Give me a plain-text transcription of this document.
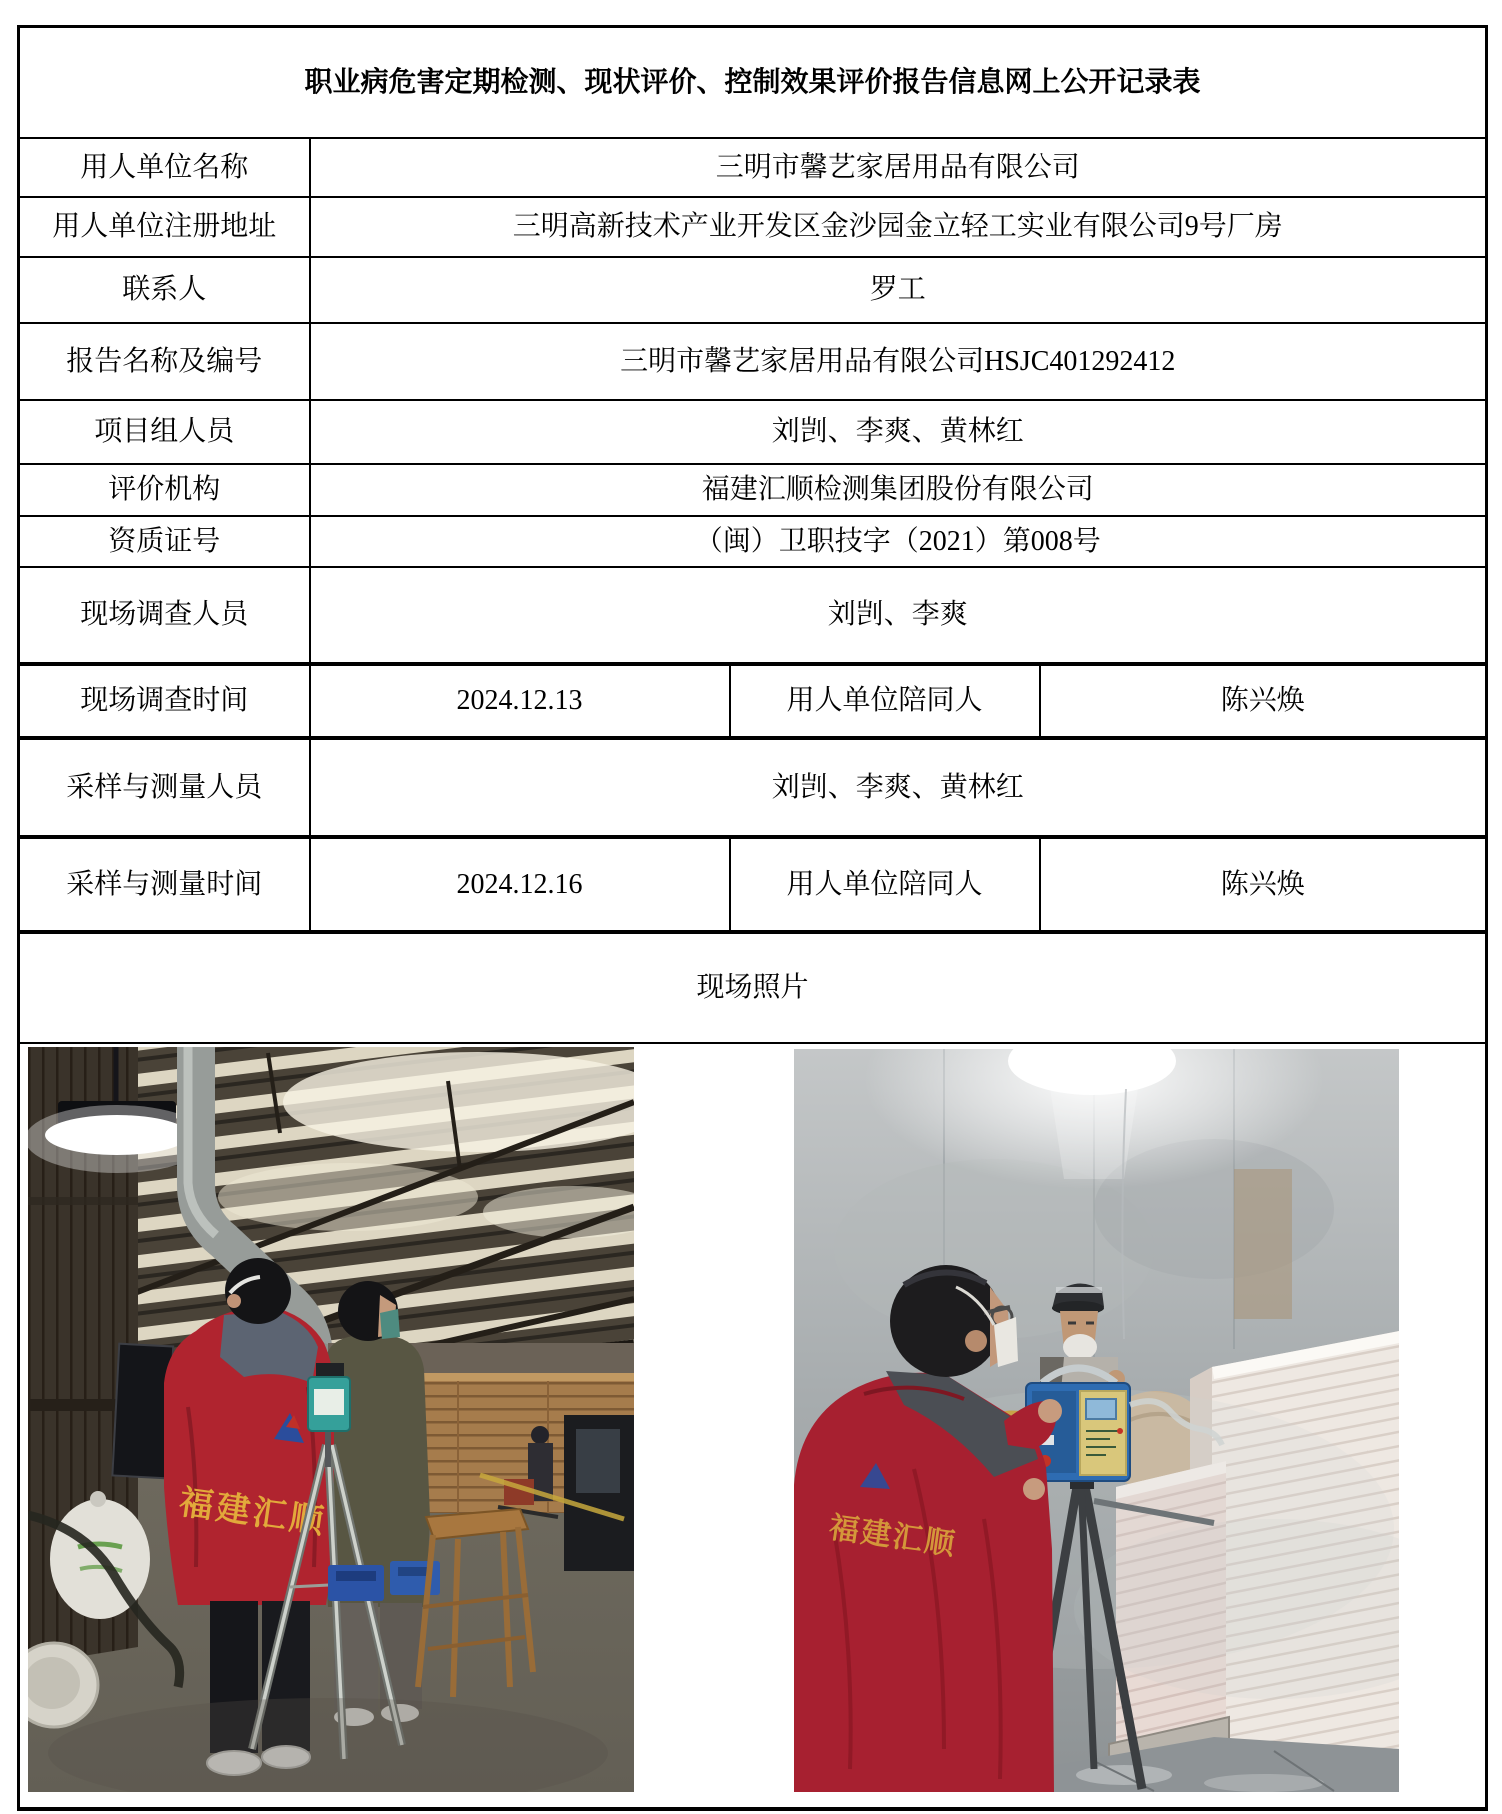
职业病危害定期检测、现状评价、控制效果评价报告信息网上公开记录表			
用人单位名称	三明市馨艺家居用品有限公司		
用人单位注册地址	三明高新技术产业开发区金沙园金立轻工实业有限公司9号厂房		
联系人	罗工		
报告名称及编号	三明市馨艺家居用品有限公司HSJC401292412		
项目组人员	刘剀、李爽、黄林红		
评价机构	福建汇顺检测集团股份有限公司		
资质证号	（闽）卫职技字（2021）第008号		
现场调查人员	刘剀、李爽		
现场调查时间	2024.12.13	用人单位陪同人	陈兴焕
采样与测量人员	刘剀、李爽、黄林红		
采样与测量时间	2024.12.16	用人单位陪同人	陈兴焕
现场照片			

福建汇顺 福建汇顺			
